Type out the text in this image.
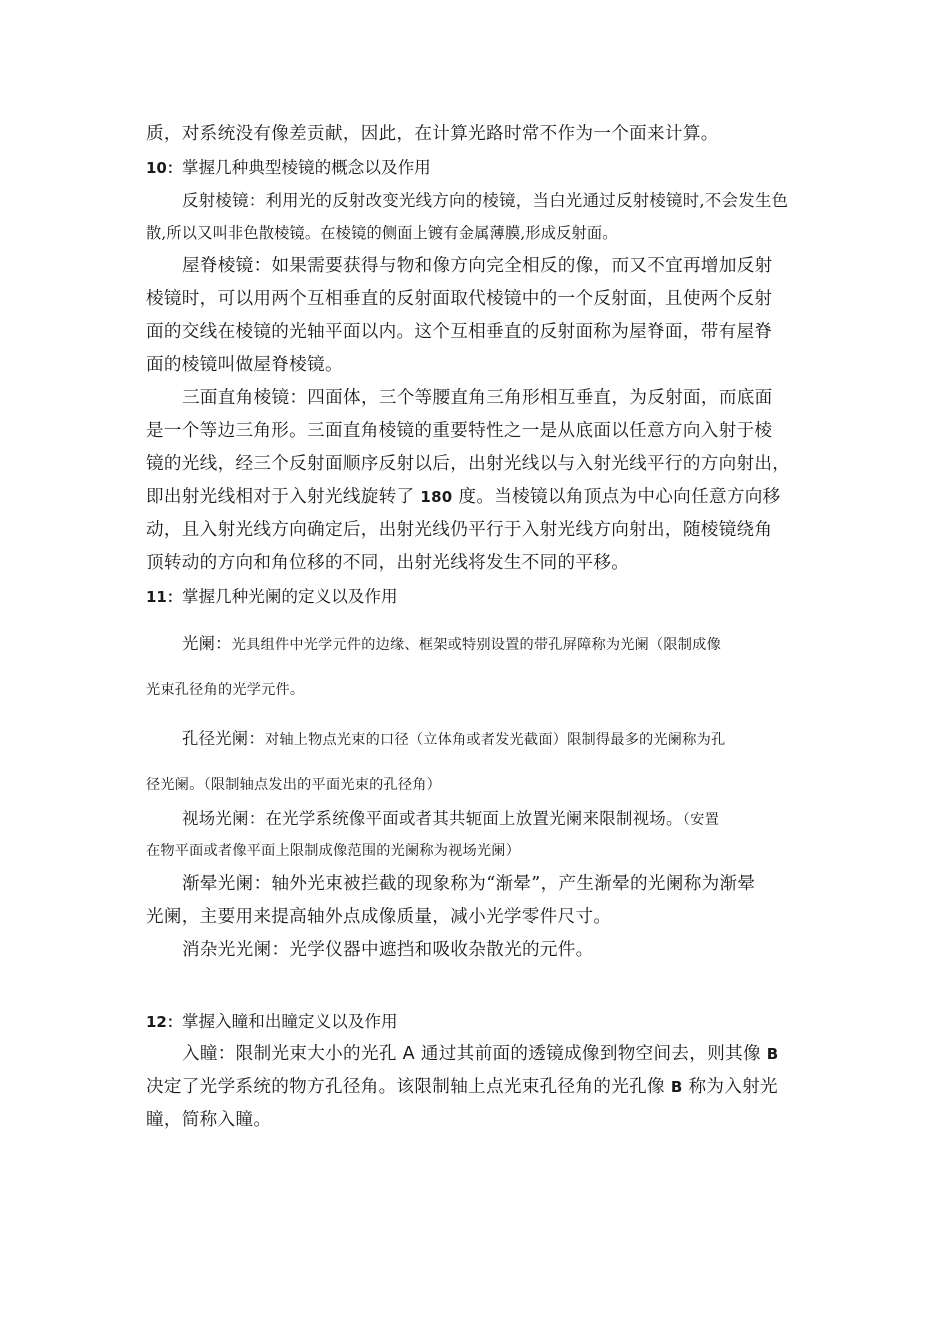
质，对系统没有像差贡献，因此，在计算光路时常不作为一个面来计算。

10：掌握几种典型棱镜的概念以及作用

反射棱镜：利用光的反射改变光线方向的棱镜，当白光通过反射棱镜时,不会发生色

散,所以又叫非色散棱镜。在棱镜的侧面上镀有金属薄膜,形成反射面。

屋脊棱镜：如果需要获得与物和像方向完全相反的像，而又不宜再增加反射

棱镜时，可以用两个互相垂直的反射面取代棱镜中的一个反射面，且使两个反射

面的交线在棱镜的光轴平面以内。这个互相垂直的反射面称为屋脊面，带有屋脊

面的棱镜叫做屋脊棱镜。

三面直角棱镜：四面体，三个等腰直角三角形相互垂直，为反射面，而底面

是一个等边三角形。三面直角棱镜的重要特性之一是从底面以任意方向入射于棱

镜的光线，经三个反射面顺序反射以后，出射光线以与入射光线平行的方向射出，

即出射光线相对于入射光线旋转了 180 度。当棱镜以角顶点为中心向任意方向移

动，且入射光线方向确定后，出射光线仍平行于入射光线方向射出，随棱镜绕角

顶转动的方向和角位移的不同，出射光线将发生不同的平移。

11：掌握几种光阑的定义以及作用

光阑：光具组件中光学元件的边缘、框架或特别设置的带孔屏障称为光阑（限制成像

光束孔径角的光学元件。

孔径光阑：对轴上物点光束的口径（立体角或者发光截面）限制得最多的光阑称为孔

径光阑。（限制轴点发出的平面光束的孔径角）

视场光阑：在光学系统像平面或者其共轭面上放置光阑来限制视场。（安置

在物平面或者像平面上限制成像范围的光阑称为视场光阑）

渐晕光阑：轴外光束被拦截的现象称为“渐晕”，产生渐晕的光阑称为渐晕

光阑，主要用来提高轴外点成像质量，减小光学零件尺寸。

消杂光光阑：光学仪器中遮挡和吸收杂散光的元件。

12：掌握入瞳和出瞳定义以及作用

入瞳：限制光束大小的光孔 A 通过其前面的透镜成像到物空间去，则其像 B

决定了光学系统的物方孔径角。该限制轴上点光束孔径角的光孔像 B 称为入射光

瞳，简称入瞳。
